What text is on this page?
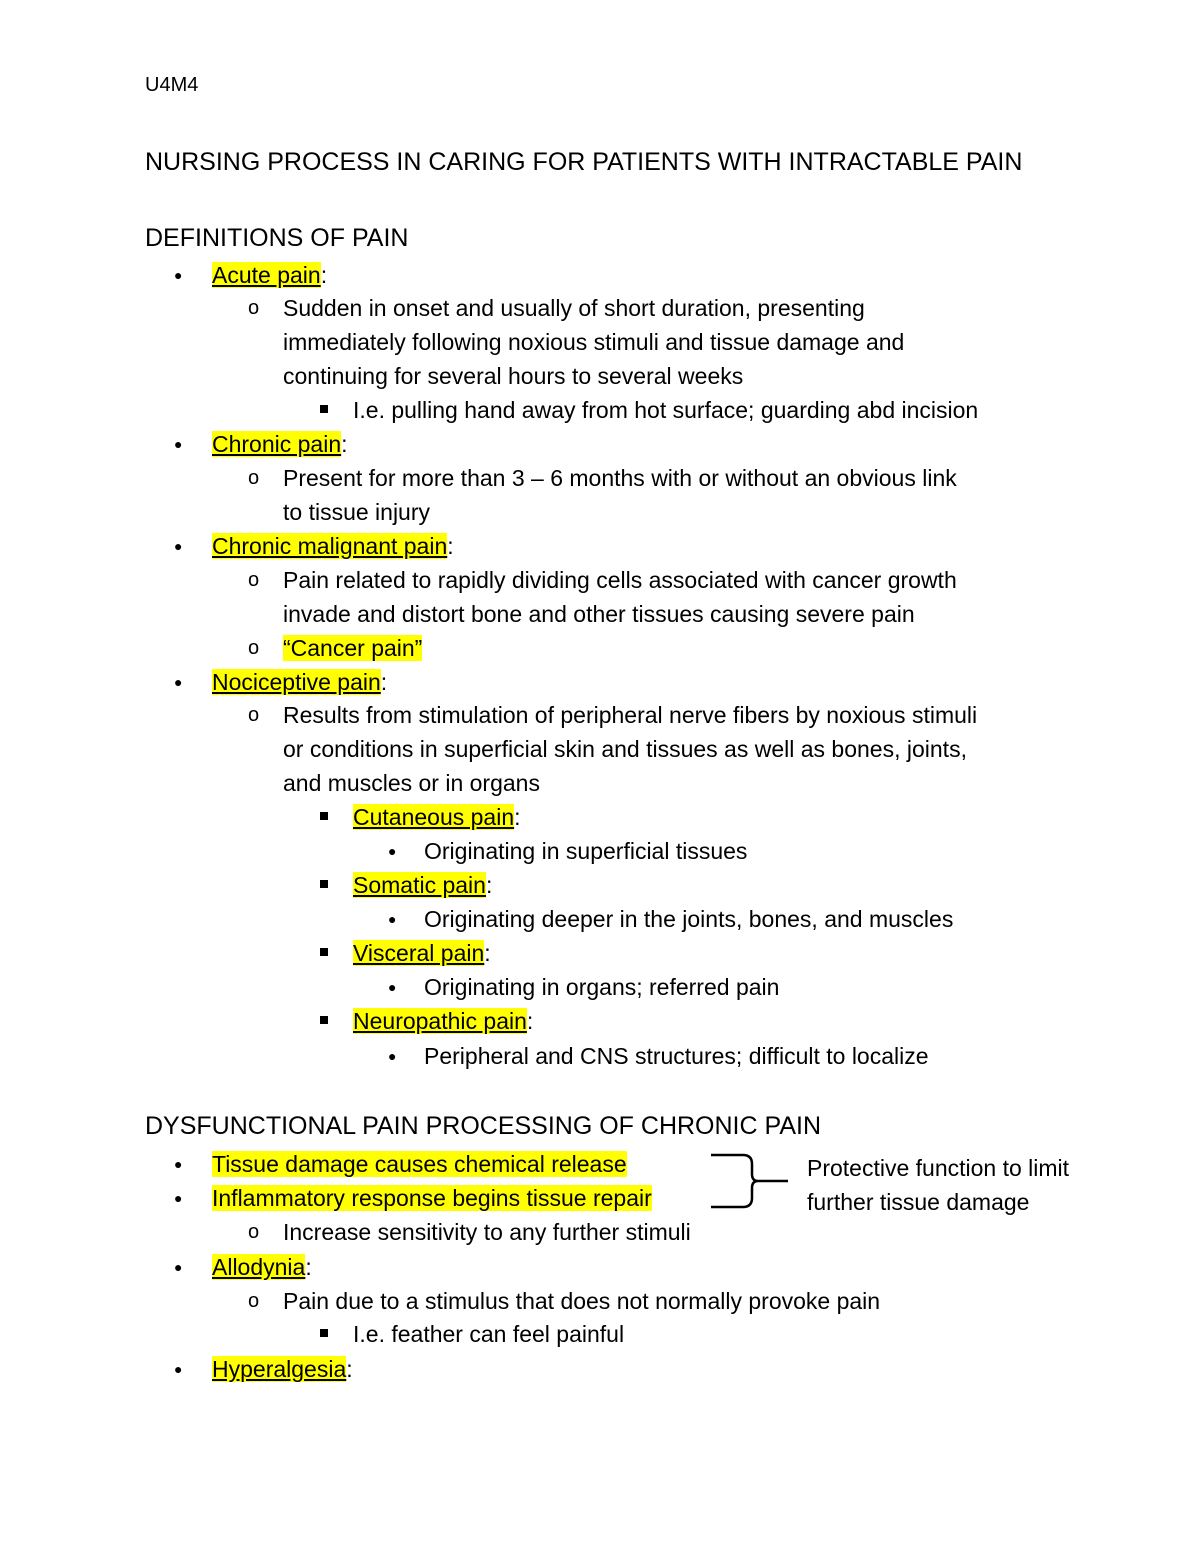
U4M4
NURSING PROCESS IN CARING FOR PATIENTS WITH INTRACTABLE PAIN
DEFINITIONS OF PAIN
● Acute pain:
o Sudden in onset and usually of short duration, presenting
immediately following noxious stimuli and tissue damage and
continuing for several hours to several weeks
I.e. pulling hand away from hot surface; guarding abd incision
● Chronic pain:
o Present for more than 3 – 6 months with or without an obvious link
to tissue injury
● Chronic malignant pain:
o Pain related to rapidly dividing cells associated with cancer growth
invade and distort bone and other tissues causing severe pain
o “Cancer pain”
● Nociceptive pain:
o Results from stimulation of peripheral nerve fibers by noxious stimuli
or conditions in superficial skin and tissues as well as bones, joints,
and muscles or in organs
Cutaneous pain:
● Originating in superficial tissues
Somatic pain:
● Originating deeper in the joints, bones, and muscles
Visceral pain:
● Originating in organs; referred pain
Neuropathic pain:
● Peripheral and CNS structures; difficult to localize
DYSFUNCTIONAL PAIN PROCESSING OF CHRONIC PAIN
● Tissue damage causes chemical release
● Inflammatory response begins tissue repair
Protective function to limit
further tissue damage
o Increase sensitivity to any further stimuli
● Allodynia:
o Pain due to a stimulus that does not normally provoke pain
I.e. feather can feel painful
● Hyperalgesia:
